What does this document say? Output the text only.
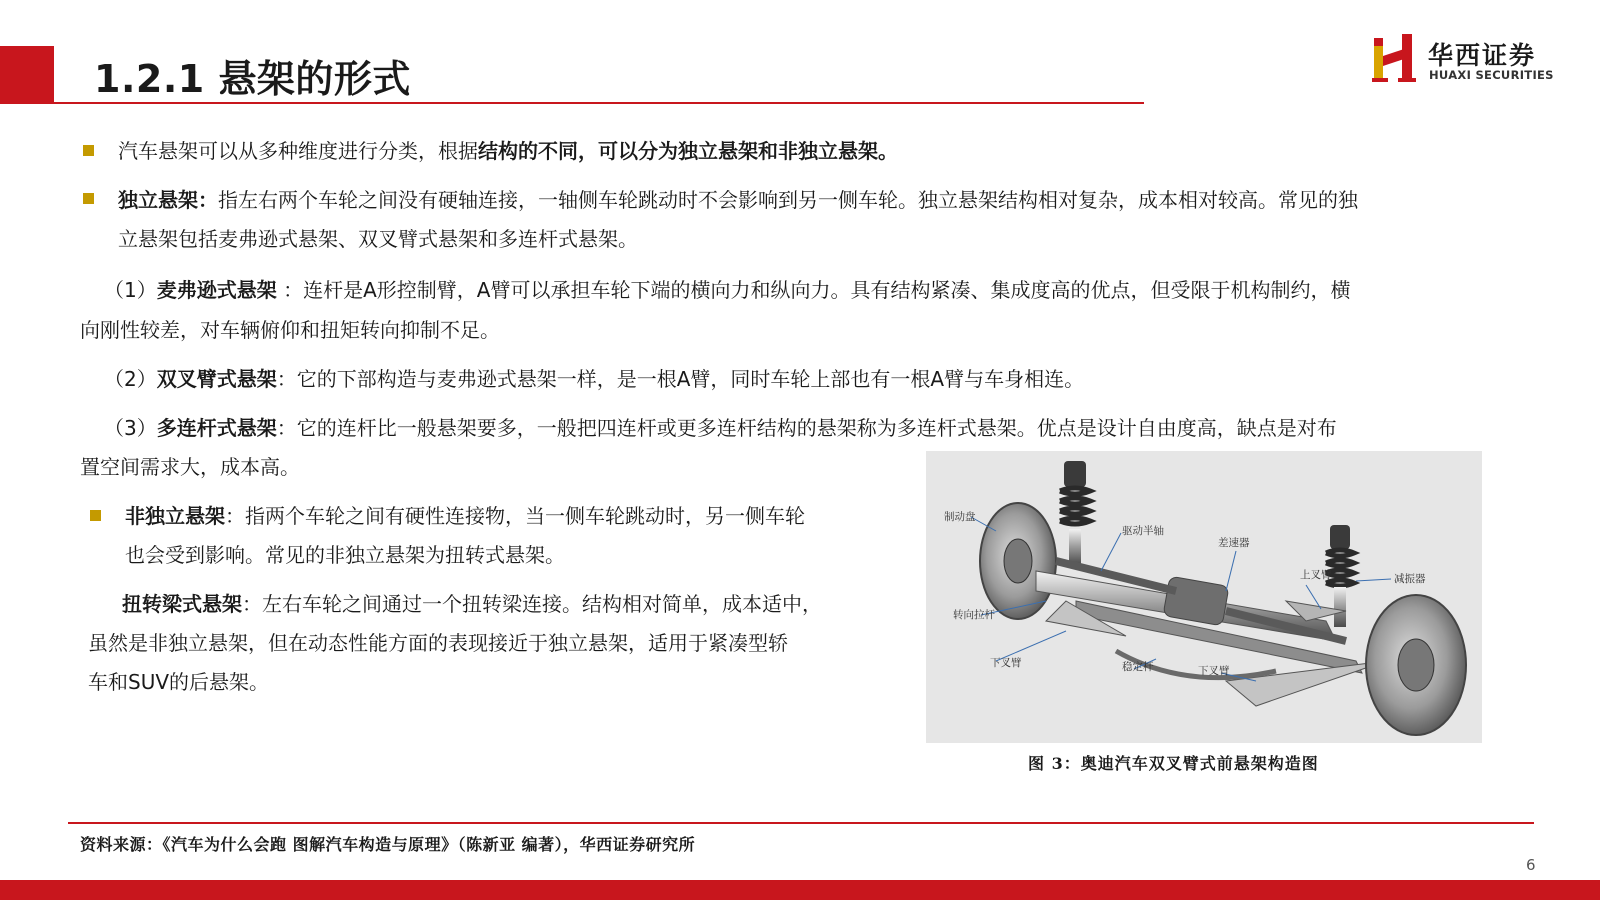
1.2.1 悬架的形式
华西证券
HUAXI SECURITIES
汽车悬架可以从多种维度进行分类，根据结构的不同，可以分为独立悬架和非独立悬架。
独立悬架：指左右两个车轮之间没有硬轴连接，一轴侧车轮跳动时不会影响到另一侧车轮。独立悬架结构相对复杂，成本相对较高。常见的独
立悬架包括麦弗逊式悬架、双叉臂式悬架和多连杆式悬架。
（1）麦弗逊式悬架 ：连杆是A形控制臂，A臂可以承担车轮下端的横向力和纵向力。具有结构紧凑、集成度高的优点，但受限于机构制约，横
向刚性较差，对车辆俯仰和扭矩转向抑制不足。
（2）双叉臂式悬架：它的下部构造与麦弗逊式悬架一样，是一根A臂，同时车轮上部也有一根A臂与车身相连。
（3）多连杆式悬架：它的连杆比一般悬架要多，一般把四连杆或更多连杆结构的悬架称为多连杆式悬架。优点是设计自由度高，缺点是对布
置空间需求大，成本高。
非独立悬架：指两个车轮之间有硬性连接物，当一侧车轮跳动时，另一侧车轮
也会受到影响。常见的非独立悬架为扭转式悬架。
扭转梁式悬架：左右车轮之间通过一个扭转梁连接。结构相对简单，成本适中，
虽然是非独立悬架，但在动态性能方面的表现接近于独立悬架，适用于紧凑型轿
车和SUV的后悬架。
制动盘
驱动半轴
差速器
上叉臂	减振器
转向拉杆
下叉臂	稳定杆	下叉臂
图 3：奥迪汽车双叉臂式前悬架构造图
资料来源：《汽车为什么会跑 图解汽车构造与原理》（陈新亚 编著），华西证券研究所
6
